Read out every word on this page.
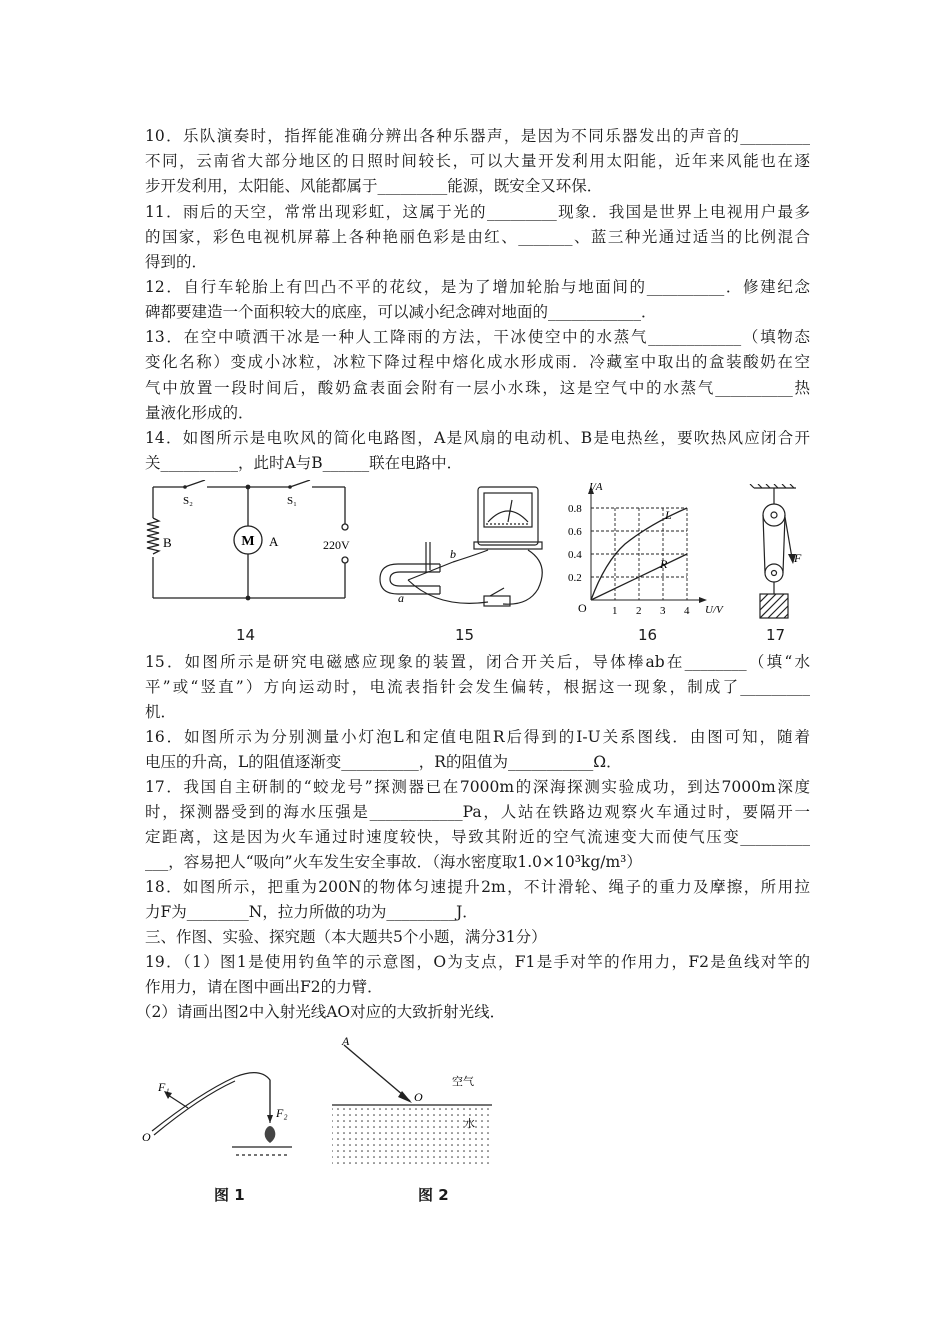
10．乐队演奏时，指挥能准确分辨出各种乐器声，是因为不同乐器发出的声音的_________
不同，云南省大部分地区的日照时间较长，可以大量开发利用太阳能，近年来风能也在逐
步开发利用，太阳能、风能都属于_________能源，既安全又环保．
11．雨后的天空，常常出现彩虹，这属于光的_________现象．我国是世界上电视用户最多
的国家，彩色电视机屏幕上各种艳丽色彩是由红、_______、蓝三种光通过适当的比例混合
得到的．
12．自行车轮胎上有凹凸不平的花纹，是为了增加轮胎与地面间的__________．修建纪念
碑都要建造一个面积较大的底座，可以减小纪念碑对地面的____________．
13．在空中喷洒干冰是一种人工降雨的方法，干冰使空中的水蒸气____________（填物态
变化名称）变成小冰粒，冰粒下降过程中熔化成水形成雨．冷藏室中取出的盒装酸奶在空
气中放置一段时间后，酸奶盒表面会附有一层小水珠，这是空气中的水蒸气__________热
量液化形成的．
14．如图所示是电吹风的简化电路图，A是风扇的电动机、B是电热丝，要吹热风应闭合开
关__________，此时A与B______联在电路中．
S₂	S₁
B	M A	220V
b
a
I/A
U/V
O
0.8
0.6
0.4
0.2
1 2 3 4
L
R	F
14	15	16	17
15．如图所示是研究电磁感应现象的装置，闭合开关后，导体棒ab在________（填“水
平”或“竖直”）方向运动时，电流表指针会发生偏转，根据这一现象，制成了_________
机．
16．如图所示为分别测量小灯泡L和定值电阻R后得到的I-U关系图线．由图可知，随着
电压的升高，L的阻值逐渐变__________，R的阻值为___________Ω．
17．我国自主研制的“蛟龙号”探测器已在7000m的深海探测实验成功，到达7000m深度
时，探测器受到的海水压强是____________Pa，人站在铁路边观察火车通过时，要隔开一
定距离，这是因为火车通过时速度较快，导致其附近的空气流速变大而使气压变_________
___，容易把人“吸向”火车发生安全事故．（海水密度取1.0×10³kg/m³）
18．如图所示，把重为200N的物体匀速提升2m，不计滑轮、绳子的重力及摩擦，所用拉
力F为________N，拉力所做的功为_________J．
三、作图、实验、探究题（本大题共5个小题，满分31分）
19．（1）图1是使用钓鱼竿的示意图，O为支点，F1是手对竿的作用力，F2是鱼线对竿的
作用力，请在图中画出F2的力臂．
（2）请画出图2中入射光线AO对应的大致折射光线．
F₁
F₂
O
A
O
空气
水
图 1	图 2
